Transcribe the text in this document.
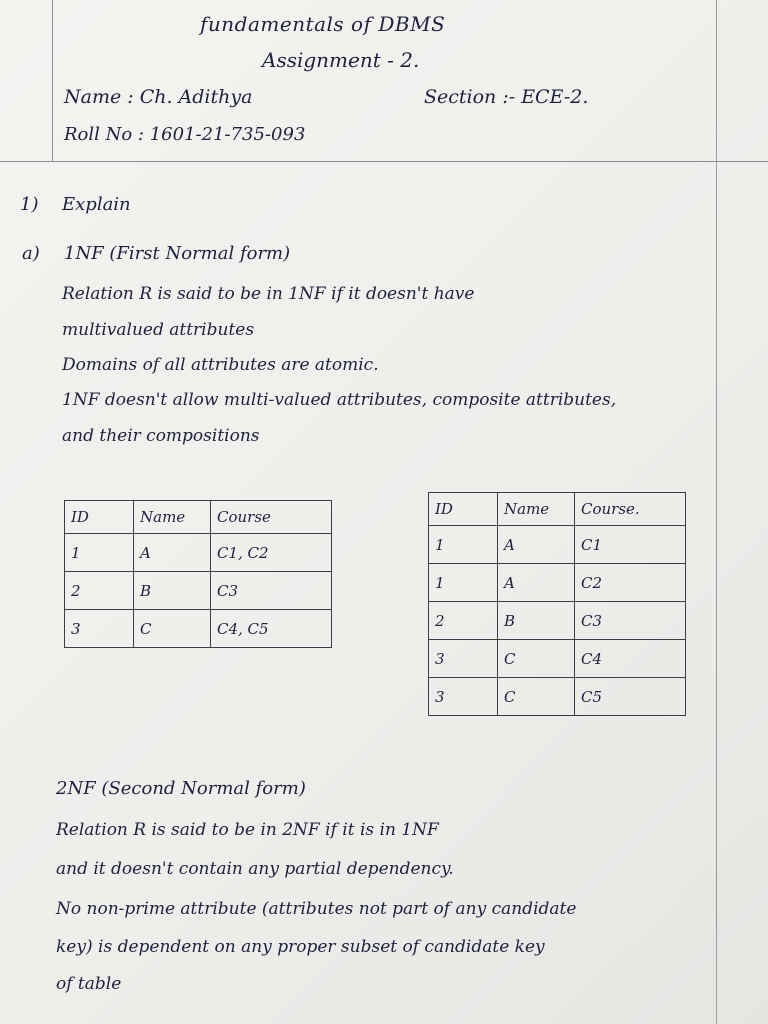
fundamentals of DBMS

Assignment - 2.

Name : Ch. Adithya	Section :- ECE-2.

Roll No : 1601-21-735-093

1) Explain

a) 1NF (First Normal form)

Relation R is said to be in 1NF if it doesn't have

multivalued attributes

Domains of all attributes are atomic.

1NF doesn't allow multi-valued attributes, composite attributes,

and their compositions

ID	Name	Course
1	A	C1, C2
2	B	C3
3	C	C4, C5
ID	Name	Course.
1	A	C1
1	A	C2
2	B	C3
3	C	C4
3	C	C5

2NF (Second Normal form)

Relation R is said to be in 2NF if it is in 1NF

and it doesn't contain any partial dependency.

No non-prime attribute (attributes not part of any candidate

key) is dependent on any proper subset of candidate key

of table
